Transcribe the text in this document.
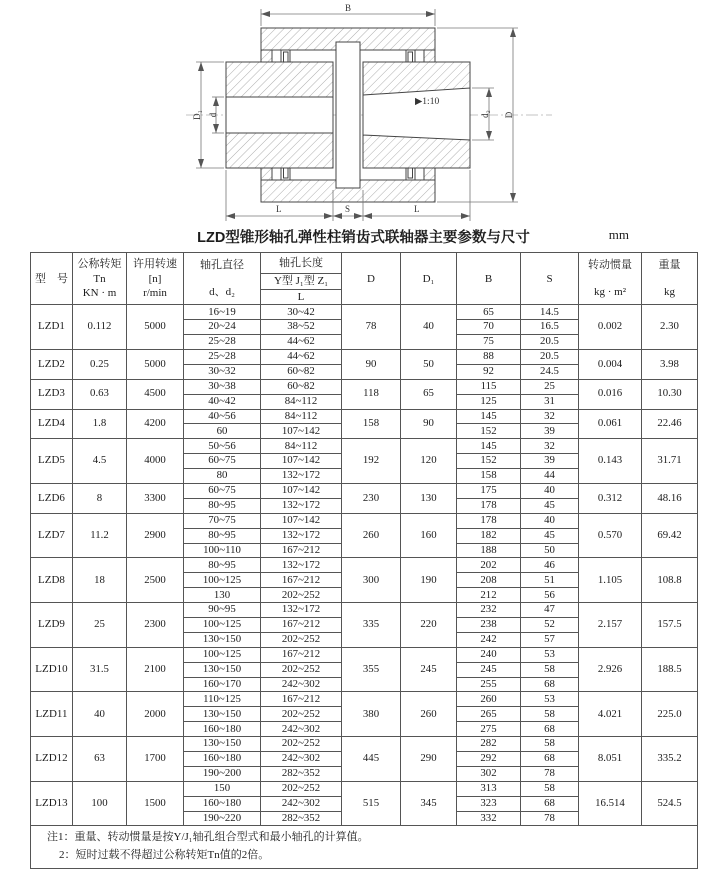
▶1:10
B
L	S	L
D₁ d	d₂ D
LZD型锥形轴孔弹性柱销齿式联轴器主要参数与尺寸	mm
型　号	公称转矩
Tn
KN · m	许用转速
[n]
r/min	轴孔直径
d、d₂	轴孔长度	D	D₁	B	S	转动惯量
kg · m²	重量
kg

				Y型 J₁型 Z₁						
				L						
LZD1	0.112	5000	16~19	30~42	78	40	65	14.5	0.002	2.30
			20~24	38~52			70	16.5		
			25~28	44~62			75	20.5		
LZD2	0.25	5000	25~28	44~62	90	50	88	20.5	0.004	3.98
			30~32	60~82			92	24.5		
LZD3	0.63	4500	30~38	60~82	118	65	115	25	0.016	10.30
			40~42	84~112			125	31		
LZD4	1.8	4200	40~56	84~112	158	90	145	32	0.061	22.46
			60	107~142			152	39		
LZD5	4.5	4000	50~56	84~112	192	120	145	32	0.143	31.71
			60~75	107~142			152	39		
			80	132~172			158	44		
LZD6	8	3300	60~75	107~142	230	130	175	40	0.312	48.16
			80~95	132~172			178	45		
LZD7	11.2	2900	70~75	107~142	260	160	178	40	0.570	69.42
			80~95	132~172			182	45		
			100~110	167~212			188	50		
LZD8	18	2500	80~95	132~172	300	190	202	46	1.105	108.8
			100~125	167~212			208	51		
			130	202~252			212	56		
LZD9	25	2300	90~95	132~172	335	220	232	47	2.157	157.5
			100~125	167~212			238	52		
			130~150	202~252			242	57		
LZD10	31.5	2100	100~125	167~212	355	245	240	53	2.926	188.5
			130~150	202~252			245	58		
			160~170	242~302			255	68		
LZD11	40	2000	110~125	167~212	380	260	260	53	4.021	225.0
			130~150	202~252			265	58		
			160~180	242~302			275	68		
LZD12	63	1700	130~150	202~252	445	290	282	58	8.051	335.2
			160~180	242~302			292	68		
			190~200	282~352			302	78		
LZD13	100	1500	150	202~252	515	345	313	58	16.514	524.5
			160~180	242~302			323	68		
			190~220	282~352			332	78		

注1：重量、转动惯量是按Y/J₁轴孔组合型式和最小轴孔的计算值。
2：短时过载不得超过公称转矩Tn值的2倍。										
